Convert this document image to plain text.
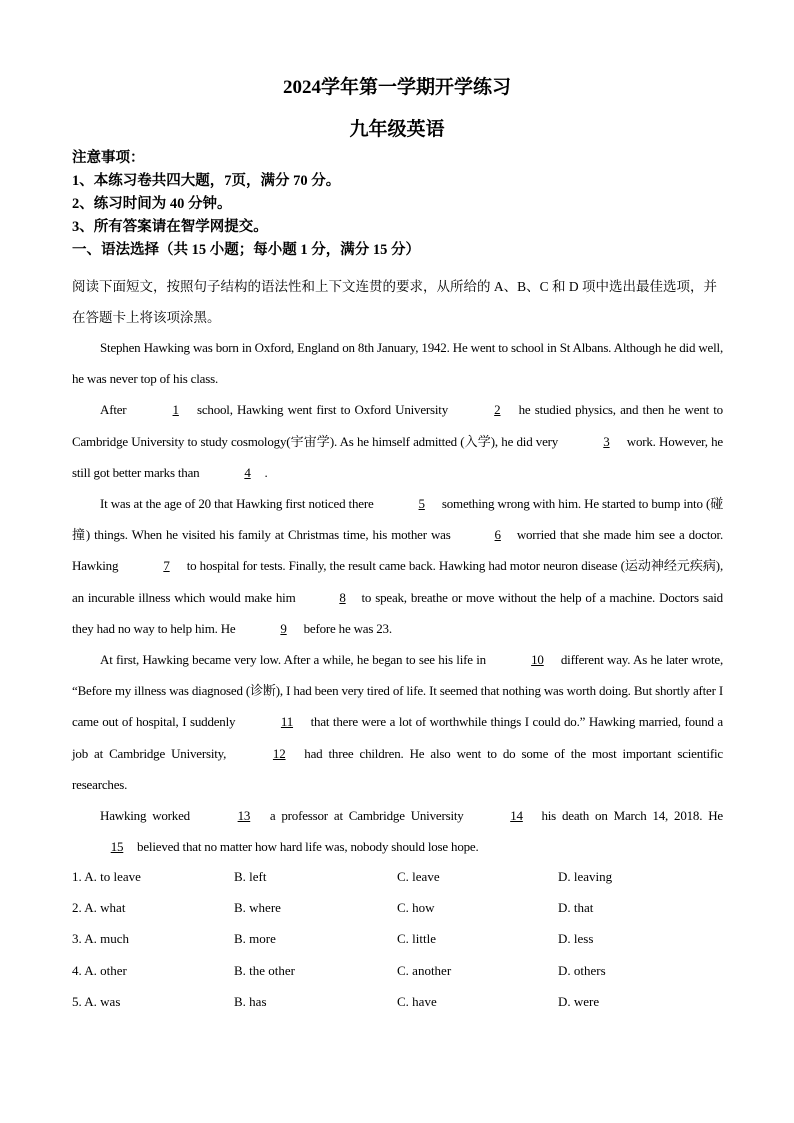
2024学年第一学期开学练习
九年级英语
注意事项：
1、本练习卷共四大题，7页，满分 70 分。
2、练习时间为 40 分钟。
3、所有答案请在智学网提交。
一、语法选择（共 15 小题；每小题 1 分，满分 15 分）
阅读下面短文，按照句子结构的语法性和上下文连贯的要求，从所给的 A、B、C 和 D 项中选出最佳选项，并在答题卡上将该项涂黑。

Stephen Hawking was born in Oxford, England on 8th January, 1942. He went to school in St Albans. Although he did well, he was never top of his class.

After	1 school, Hawking went first to Oxford University	2 he studied physics, and then he went to Cambridge University to study cosmology(宇宙学). As he himself admitted (入学), he did very	3 work. However, he still got better marks than	4 .

It was at the age of 20 that Hawking first noticed there	5 something wrong with him. He started to bump into (碰撞) things. When he visited his family at Christmas time, his mother was	6 worried that she made him see a doctor. Hawking	7 to hospital for tests. Finally, the result came back. Hawking had motor neuron disease (运动神经元疾病), an incurable illness which would make him	8 to speak, breathe or move without the help of a machine. Doctors said they had no way to help him. He	9 before he was 23.

At first, Hawking became very low. After a while, he began to see his life in	10 different way. As he later wrote, “Before my illness was diagnosed (诊断), I had been very tired of life. It seemed that nothing was worth doing. But shortly after I came out of hospital, I suddenly	11 that there were a lot of worthwhile things I could do.” Hawking married, found a job at Cambridge University,	12 had three children. He also went to do some of the most important scientific researches.

Hawking worked	13 a professor at Cambridge University	14 his death on March 14, 2018. He 15 believed that no matter how hard life was, nobody should lose hope.

1. A. to leave	B. left	C. leave	D. leaving
2. A. what	B. where	C. how	D. that
3. A. much	B. more	C. little	D. less
4. A. other	B. the other	C. another	D. others
5. A. was	B. has	C. have	D. were
